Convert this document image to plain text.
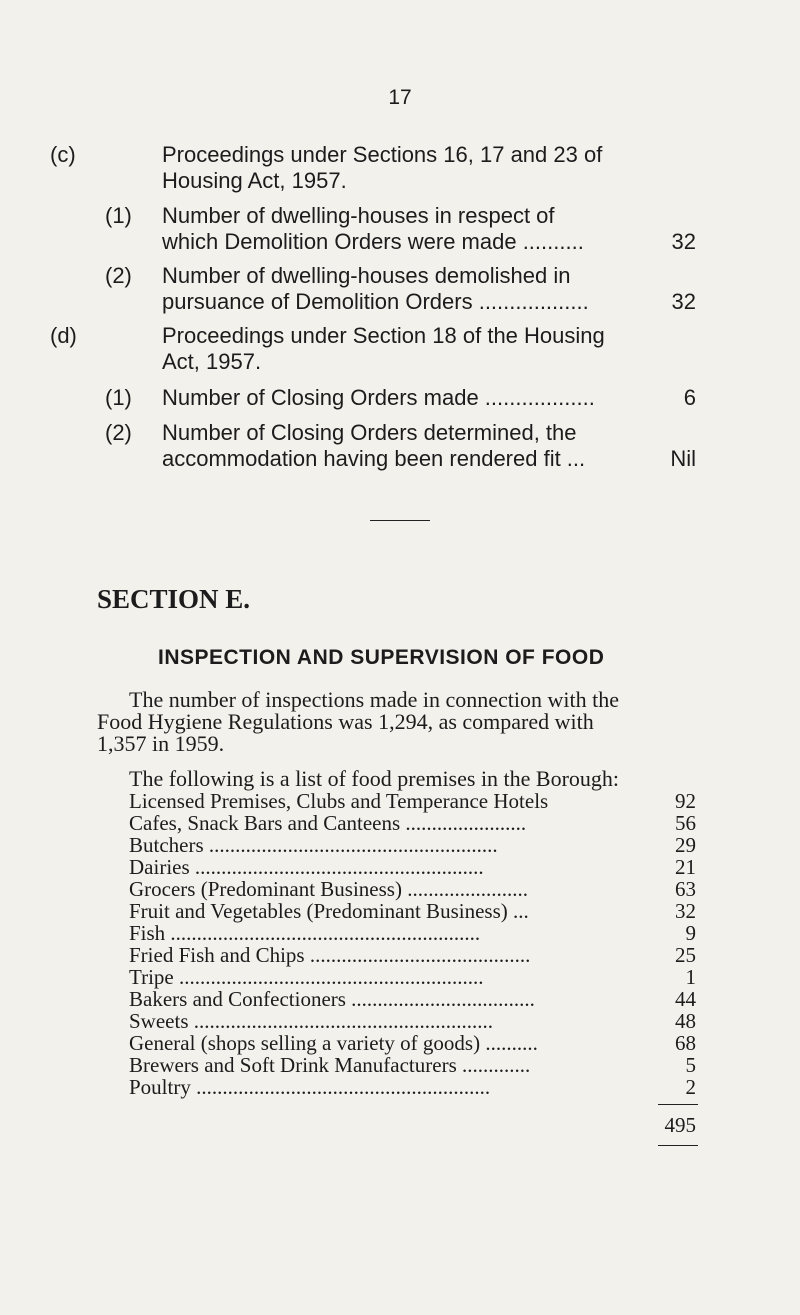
17
(c)	Proceedings under Sections 16, 17 and 23 of
Housing Act, 1957.
(1) Number of dwelling-houses in respect of
which Demolition Orders were made ..........	32
(2) Number of dwelling-houses demolished in
pursuance of Demolition Orders ..................	32
(d)	Proceedings under Section 18 of the Housing
Act, 1957.
(1) Number of Closing Orders made ..................	6
(2) Number of Closing Orders determined, the
accommodation having been rendered fit ...	Nil
SECTION E.
INSPECTION AND SUPERVISION OF FOOD
The number of inspections made in connection with the
Food Hygiene Regulations was 1,294, as compared with
1,357 in 1959.
The following is a list of food premises in the Borough:
Licensed Premises, Clubs and Temperance Hotels	92
Cafes, Snack Bars and Canteens .......................	56
Butchers .......................................................	29
Dairies .......................................................	21
Grocers (Predominant Business) .......................	63
Fruit and Vegetables (Predominant Business) ...	32
Fish ...........................................................	9
Fried Fish and Chips ..........................................	25
Tripe ..........................................................	1
Bakers and Confectioners ...................................	44
Sweets .........................................................	48
General (shops selling a variety of goods) ..........	68
Brewers and Soft Drink Manufacturers .............	5
Poultry ........................................................	2
495
